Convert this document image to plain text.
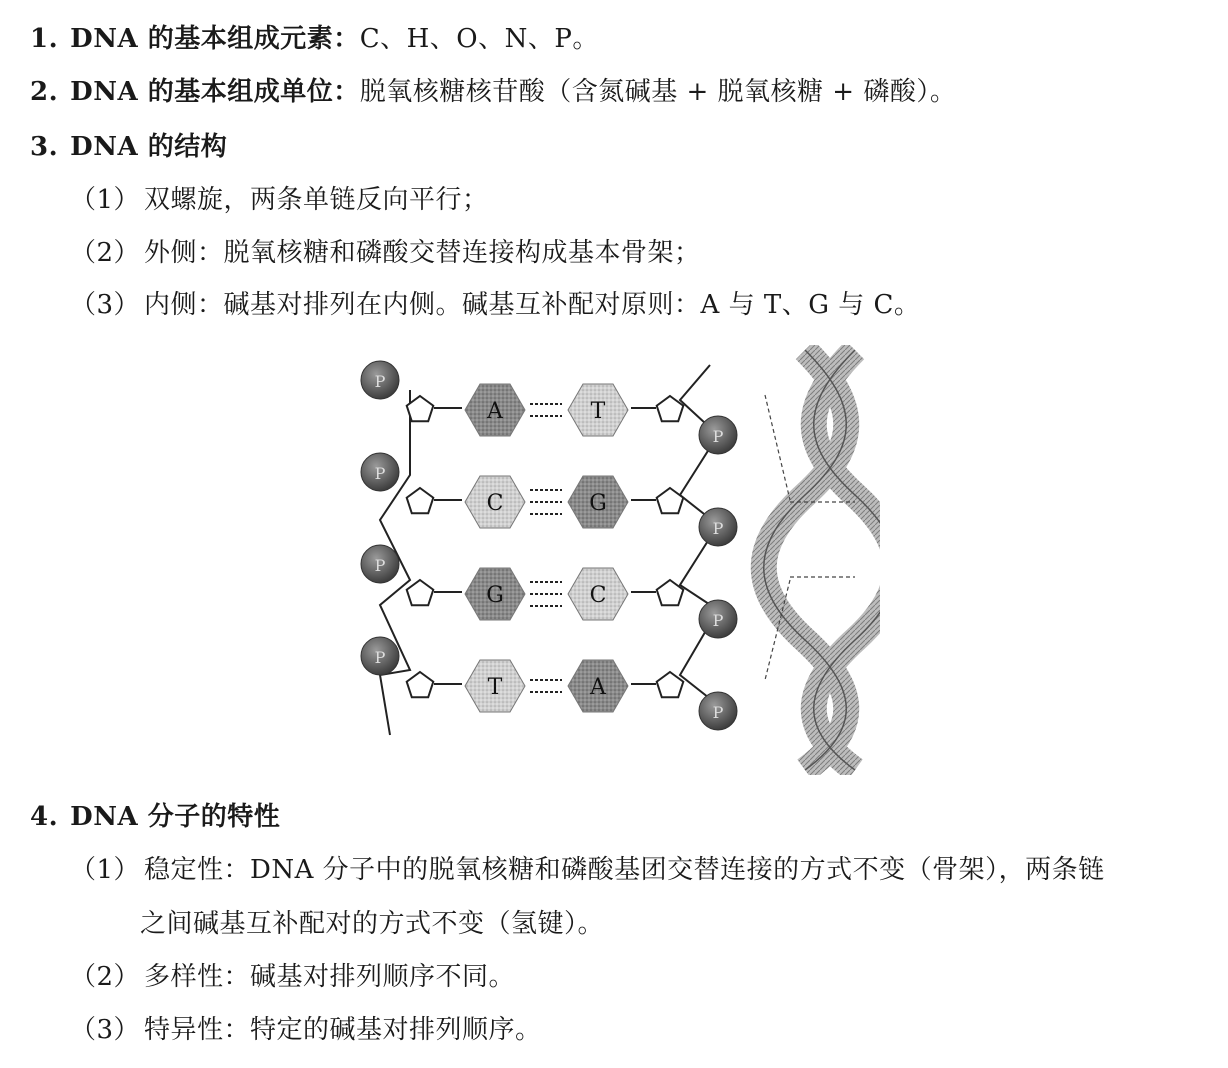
1. DNA 的基本组成元素：C、H、O、N、P。
2. DNA 的基本组成单位：脱氧核糖核苷酸（含氮碱基 + 脱氧核糖 + 磷酸）。
3. DNA 的结构
（1） 双螺旋，两条单链反向平行；
（2） 外侧：脱氧核糖和磷酸交替连接构成基本骨架；
（3） 内侧：碱基对排列在内侧。碱基互补配对原则：A 与 T、G 与 C。
P
A	T
P
P
C	G
P
P
G	C
P
P
T	A
P
4. DNA 分子的特性
（1） 稳定性：DNA 分子中的脱氧核糖和磷酸基团交替连接的方式不变（骨架），两条链
之间碱基互补配对的方式不变（氢键）。
（2） 多样性：碱基对排列顺序不同。
（3） 特异性：特定的碱基对排列顺序。
